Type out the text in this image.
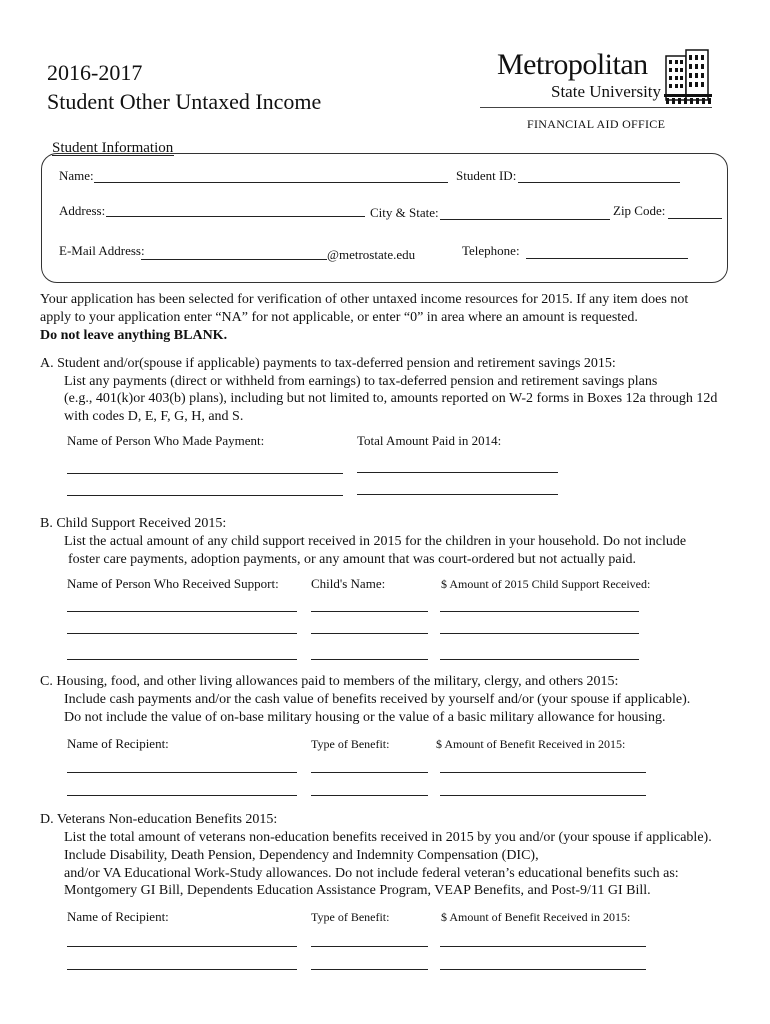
2016-2017
Student Other Untaxed Income
Metropolitan
State University
FINANCIAL AID OFFICE
Student Information
Name:	Student ID:
Address:	City & State:	Zip Code:
E-Mail Address:	@metrostate.edu	Telephone:
Your application has been selected for verification of other untaxed income resources for 2015. If any item does not
apply to your application enter “NA” for not applicable, or enter “0” in area where an amount is requested.
Do not leave anything BLANK.
A. Student and/or(spouse if applicable) payments to tax-deferred pension and retirement savings 2015:
List any payments (direct or withheld from earnings) to tax-deferred pension and retirement savings plans
(e.g., 401(k)or 403(b) plans), including but not limited to, amounts reported on W-2 forms in Boxes 12a through 12d
with codes D, E, F, G, H, and S.
Name of Person Who Made Payment:	Total Amount Paid in 2014:
B. Child Support Received 2015:
List the actual amount of any child support received in 2015 for the children in your household. Do not include
foster care payments, adoption payments, or any amount that was court-ordered but not actually paid.
Name of Person Who Received Support: Child's Name:	$ Amount of 2015 Child Support Received:
C. Housing, food, and other living allowances paid to members of the military, clergy, and others 2015:
Include cash payments and/or the cash value of benefits received by yourself and/or (your spouse if applicable).
Do not include the value of on-base military housing or the value of a basic military allowance for housing.
Name of Recipient:	Type of Benefit:	$ Amount of Benefit Received in 2015:
D. Veterans Non-education Benefits 2015:
List the total amount of veterans non-education benefits received in 2015 by you and/or (your spouse if applicable).
Include Disability, Death Pension, Dependency and Indemnity Compensation (DIC),
and/or VA Educational Work-Study allowances. Do not include federal veteran’s educational benefits such as:
Montgomery GI Bill, Dependents Education Assistance Program, VEAP Benefits, and Post-9/11 GI Bill.
Name of Recipient:	Type of Benefit:	$ Amount of Benefit Received in 2015:
